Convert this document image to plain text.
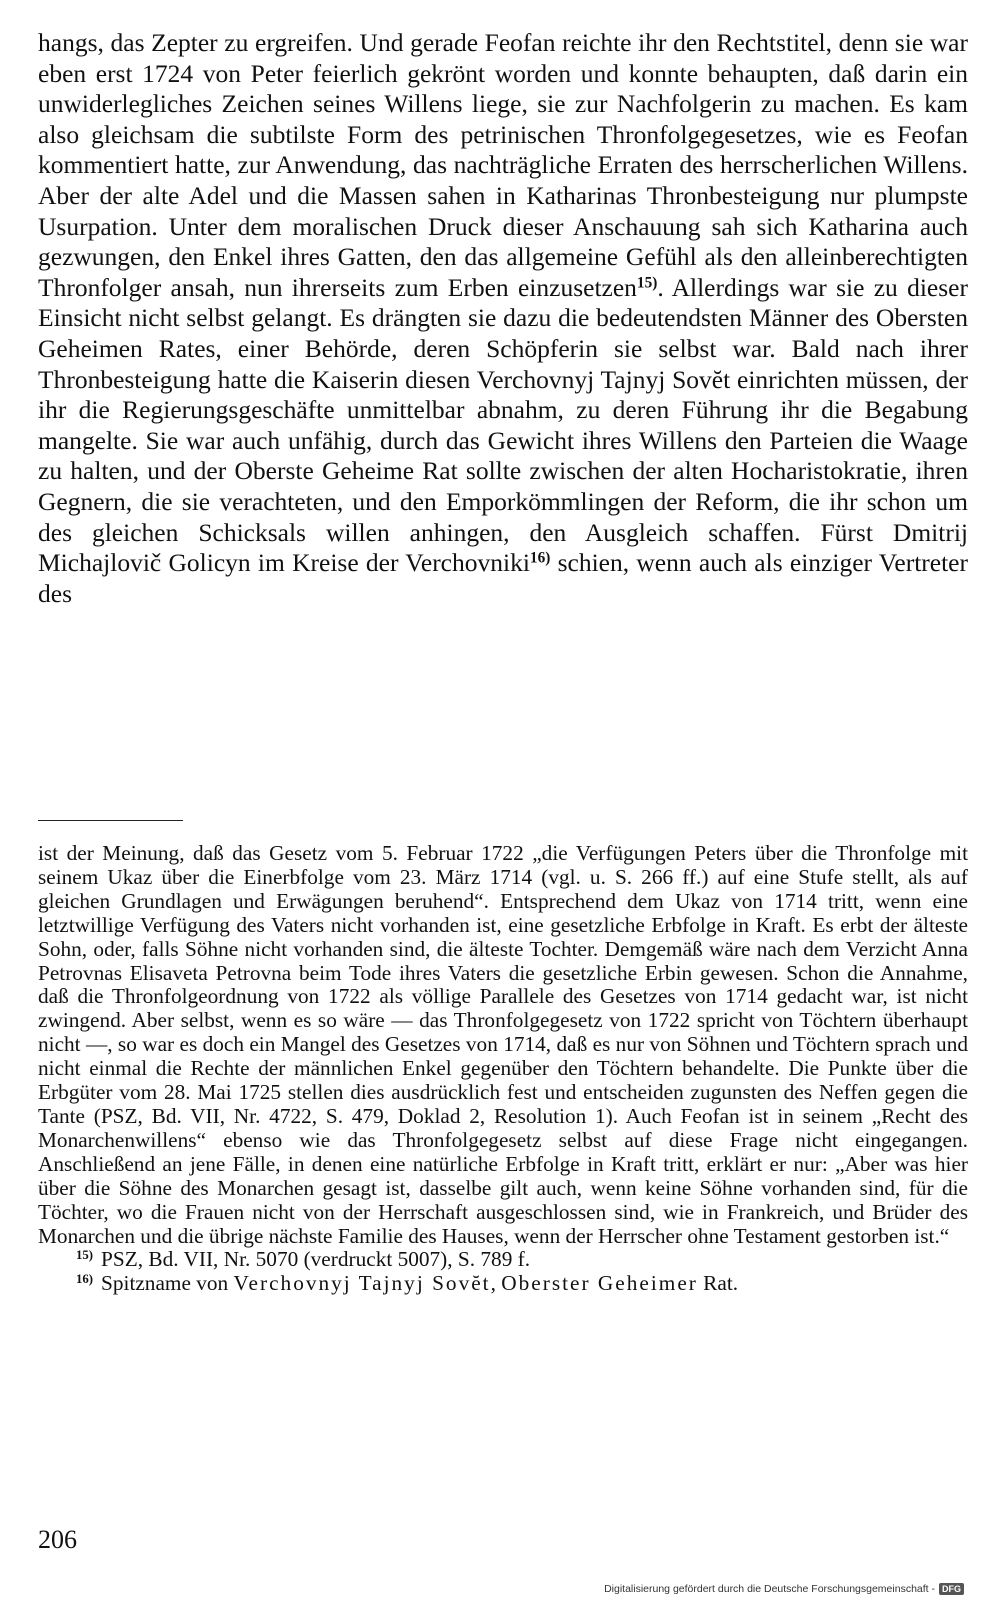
hangs, das Zepter zu ergreifen. Und gerade Feofan reichte ihr den Rechtstitel, denn sie war eben erst 1724 von Peter feierlich gekrönt worden und konnte behaupten, daß darin ein unwiderlegliches Zeichen seines Willens liege, sie zur Nachfolgerin zu machen. Es kam also gleichsam die subtilste Form des petrinischen Thronfolgegesetzes, wie es Feofan kommentiert hatte, zur Anwendung, das nachträgliche Erraten des herrscherlichen Willens. Aber der alte Adel und die Massen sahen in Katharinas Thronbesteigung nur plumpste Usurpation. Unter dem moralischen Druck dieser Anschauung sah sich Katharina auch gezwungen, den Enkel ihres Gatten, den das allgemeine Gefühl als den alleinberechtigten Thronfolger ansah, nun ihrerseits zum Erben einzusetzen$^{15)}$. Allerdings war sie zu dieser Einsicht nicht selbst gelangt. Es drängten sie dazu die bedeutendsten Männer des Obersten Geheimen Rates, einer Behörde, deren Schöpferin sie selbst war. Bald nach ihrer Thronbesteigung hatte die Kaiserin diesen Verchovnyj Tajnyj Sovĕt einrichten müssen, der ihr die Regierungsgeschäfte unmittelbar abnahm, zu deren Führung ihr die Begabung mangelte. Sie war auch unfähig, durch das Gewicht ihres Willens den Parteien die Waage zu halten, und der Oberste Geheime Rat sollte zwischen der alten Hocharistokratie, ihren Gegnern, die sie verachteten, und den Emporkömmlingen der Reform, die ihr schon um des gleichen Schicksals willen anhingen, den Ausgleich schaffen. Fürst Dmitrij Michajlovič Golicyn im Kreise der Verchovniki$^{16)}$ schien, wenn auch als einziger Vertreter des

ist der Meinung, daß das Gesetz vom 5. Februar 1722 „die Verfügungen Peters über die Thronfolge mit seinem Ukaz über die Einerbfolge vom 23. März 1714 (vgl. u. S. 266 ff.) auf eine Stufe stellt, als auf gleichen Grundlagen und Erwägungen beruhend“. Entsprechend dem Ukaz von 1714 tritt, wenn eine letztwillige Verfügung des Vaters nicht vorhanden ist, eine gesetzliche Erbfolge in Kraft. Es erbt der älteste Sohn, oder, falls Söhne nicht vorhanden sind, die älteste Tochter. Demgemäß wäre nach dem Verzicht Anna Petrovnas Elisaveta Petrovna beim Tode ihres Vaters die gesetzliche Erbin gewesen. Schon die Annahme, daß die Thronfolgeordnung von 1722 als völlige Parallele des Gesetzes von 1714 gedacht war, ist nicht zwingend. Aber selbst, wenn es so wäre — das Thronfolgegesetz von 1722 spricht von Töchtern überhaupt nicht —, so war es doch ein Mangel des Gesetzes von 1714, daß es nur von Söhnen und Töchtern sprach und nicht einmal die Rechte der männlichen Enkel gegenüber den Töchtern behandelte. Die Punkte über die Erbgüter vom 28. Mai 1725 stellen dies ausdrücklich fest und entscheiden zugunsten des Neffen gegen die Tante (PSZ, Bd. VII, Nr. 4722, S. 479, Doklad 2, Resolution 1). Auch Feofan ist in seinem „Recht des Monarchenwillens“ ebenso wie das Thronfolgegesetz selbst auf diese Frage nicht eingegangen. Anschließend an jene Fälle, in denen eine natürliche Erbfolge in Kraft tritt, erklärt er nur: „Aber was hier über die Söhne des Monarchen gesagt ist, dasselbe gilt auch, wenn keine Söhne vorhanden sind, für die Töchter, wo die Frauen nicht von der Herrschaft ausgeschlossen sind, wie in Frankreich, und Brüder des Monarchen und die übrige nächste Familie des Hauses, wenn der Herrscher ohne Testament gestorben ist.“

$^{15)}$ PSZ, Bd. VII, Nr. 5070 (verdruckt 5007), S. 789 f.

$^{16)}$ Spitzname von Verchovnyj Tajnyj Sovĕt, Oberster Geheimer Rat.

206
Digitalisierung gefördert durch die Deutsche Forschungsgemeinschaft - DFG
